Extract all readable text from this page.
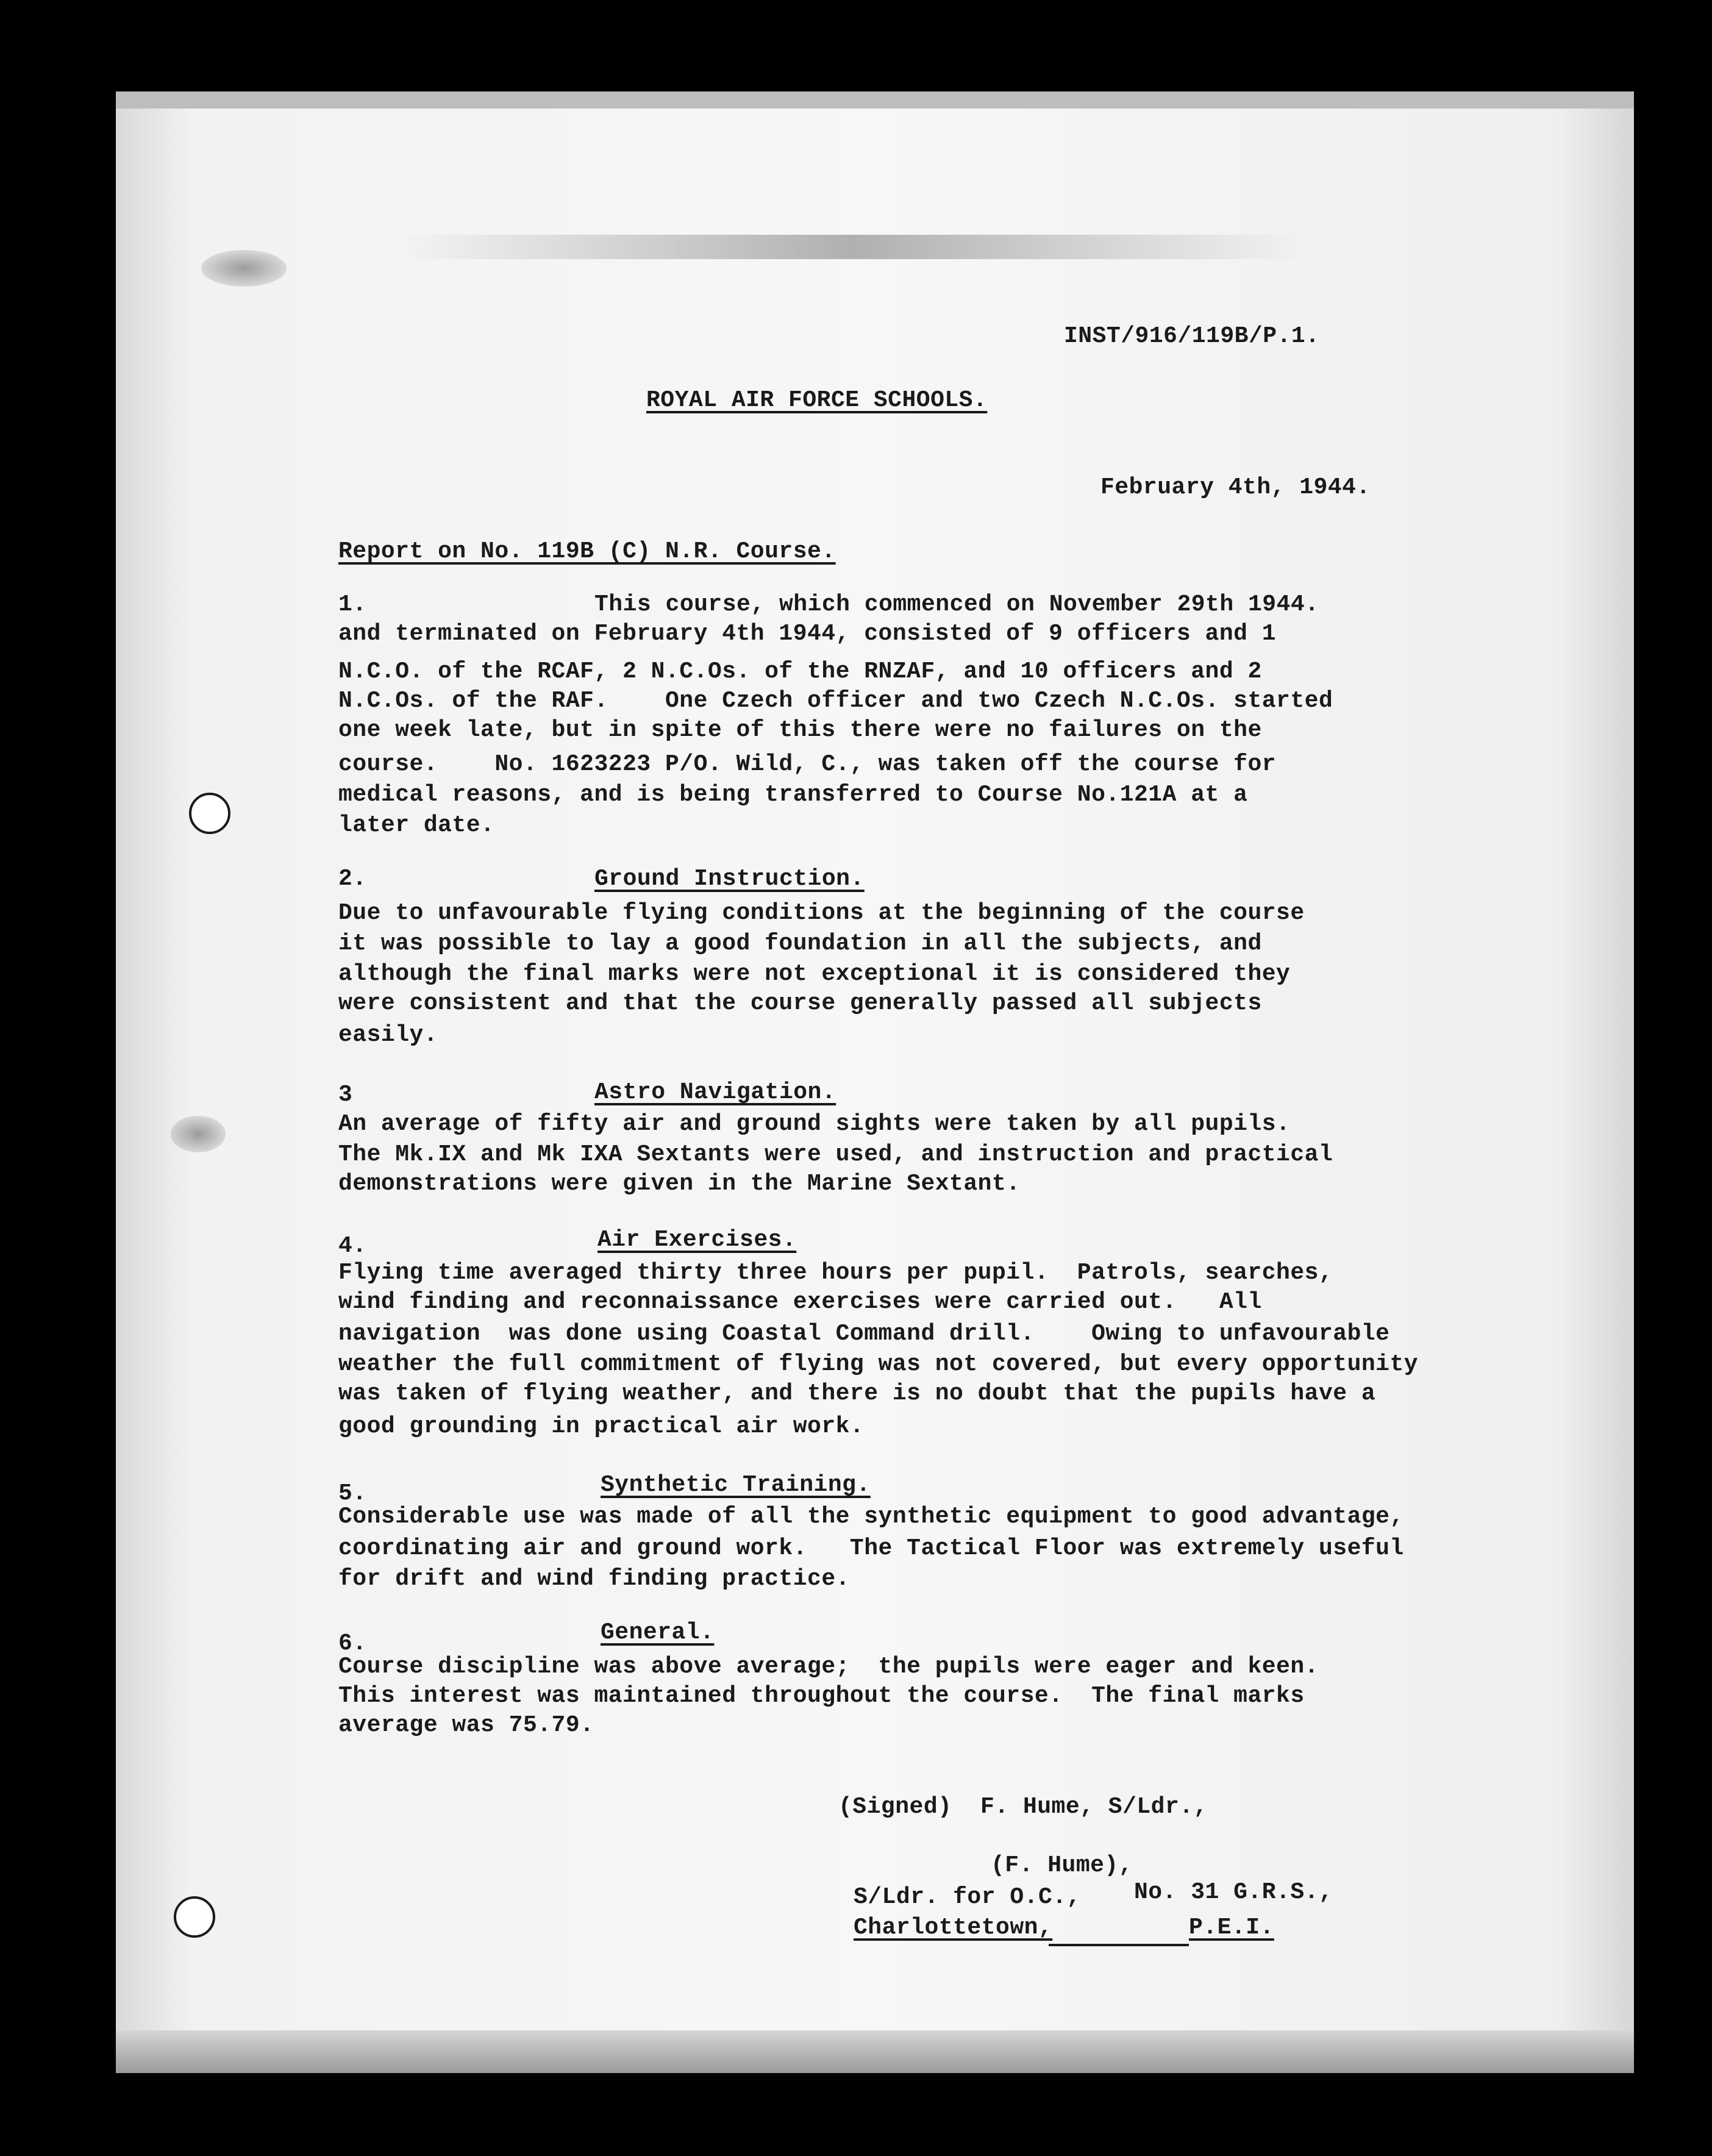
INST/916/119B/P.1.
ROYAL AIR FORCE SCHOOLS.
February 4th, 1944.
Report on No. 119B (C) N.R. Course.
1.	This course, which commenced on November 29th 1944.
and terminated on February 4th 1944, consisted of 9 officers and 1
N.C.O. of the RCAF, 2 N.C.Os. of the RNZAF, and 10 officers and 2
N.C.Os. of the RAF.    One Czech officer and two Czech N.C.Os. started
one week late, but in spite of this there were no failures on the
course.    No. 1623223 P/O. Wild, C., was taken off the course for
medical reasons, and is being transferred to Course No.121A at a
later date.
2.	Ground Instruction.
Due to unfavourable flying conditions at the beginning of the course
it was possible to lay a good foundation in all the subjects, and
although the final marks were not exceptional it is considered they
were consistent and that the course generally passed all subjects
easily.
3	Astro Navigation.
An average of fifty air and ground sights were taken by all pupils.
The Mk.IX and Mk IXA Sextants were used, and instruction and practical
demonstrations were given in the Marine Sextant.
4.	Air Exercises.
Flying time averaged thirty three hours per pupil.  Patrols, searches,
wind finding and reconnaissance exercises were carried out.   All
navigation  was done using Coastal Command drill.    Owing to unfavourable
weather the full commitment of flying was not covered, but every opportunity
was taken of flying weather, and there is no doubt that the pupils have a
good grounding in practical air work.
5.	Synthetic Training.
Considerable use was made of all the synthetic equipment to good advantage,
coordinating air and ground work.   The Tactical Floor was extremely useful
for drift and wind finding practice.
6.	General.
Course discipline was above average;  the pupils were eager and keen.
This interest was maintained throughout the course.  The final marks
average was 75.79.
(Signed)  F. Hume, S/Ldr.,
(F. Hume),
S/Ldr. for O.C., No. 31 G.R.S.,
Charlottetown,	P.E.I.
